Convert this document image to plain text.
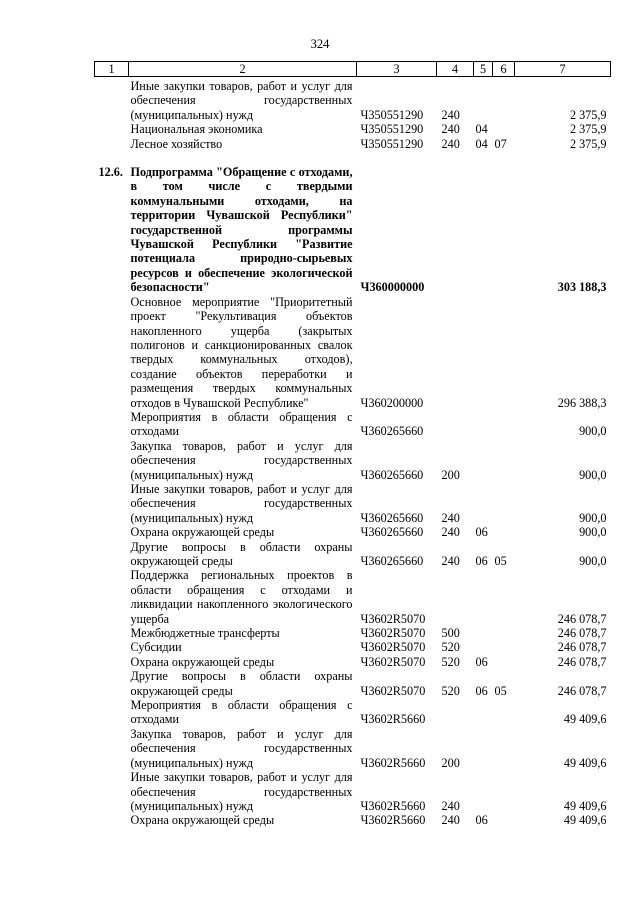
324
1	2	3	4	5	6	7
	Иные закупки товаров, работ и услуг для обеспечения государственных (муниципальных) нужд	Ч350551290	240			2 375,9
	Национальная экономика	Ч350551290	240	04		2 375,9
	Лесное хозяйство	Ч350551290	240	04	07	2 375,9
12.6.	Подпрограмма "Обращение с отходами, в том числе с твердыми коммунальными отходами, на территории Чувашской Республики" государственной программы Чувашской Республики "Развитие потенциала природно-сырьевых ресурсов и обеспечение экологической безопасности"	Ч360000000				303 188,3
	Основное мероприятие "Приоритетный проект "Рекультивация объектов накопленного ущерба (закрытых полигонов и санкционированных свалок твердых коммунальных отходов), создание объектов переработки и размещения твердых коммунальных отходов в Чувашской Республике"	Ч360200000				296 388,3
	Мероприятия в области обращения с отходами	Ч360265660				900,0
	Закупка товаров, работ и услуг для обеспечения государственных (муниципальных) нужд	Ч360265660	200			900,0
	Иные закупки товаров, работ и услуг для обеспечения государственных (муниципальных) нужд	Ч360265660	240			900,0
	Охрана окружающей среды	Ч360265660	240	06		900,0
	Другие вопросы в области охраны окружающей среды	Ч360265660	240	06	05	900,0
	Поддержка региональных проектов в области обращения с отходами и ликвидации накопленного экологического ущерба	Ч3602R5070				246 078,7
	Межбюджетные трансферты	Ч3602R5070	500			246 078,7
	Субсидии	Ч3602R5070	520			246 078,7
	Охрана окружающей среды	Ч3602R5070	520	06		246 078,7
	Другие вопросы в области охраны окружающей среды	Ч3602R5070	520	06	05	246 078,7
	Мероприятия в области обращения с отходами	Ч3602R5660				49 409,6
	Закупка товаров, работ и услуг для обеспечения государственных (муниципальных) нужд	Ч3602R5660	200			49 409,6
	Иные закупки товаров, работ и услуг для обеспечения государственных (муниципальных) нужд	Ч3602R5660	240			49 409,6
	Охрана окружающей среды	Ч3602R5660	240	06		49 409,6
